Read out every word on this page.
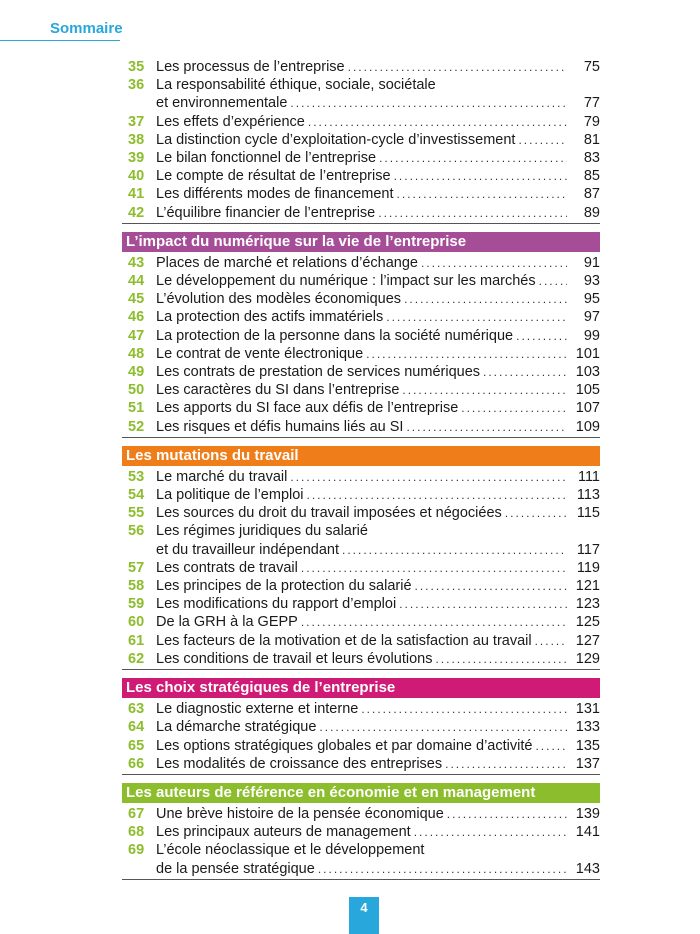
Sommaire
35 Les processus de l’entreprise .....	75
36 La responsabilité éthique, sociale, sociétale
et environnementale .....	77
37 Les effets d’expérience .....	79
38 La distinction cycle d’exploitation-cycle d’investissement .....	81
39 Le bilan fonctionnel de l’entreprise .....	83
40 Le compte de résultat de l’entreprise .....	85
41 Les différents modes de financement .....	87
42 L’équilibre financier de l’entreprise .....	89
L’impact du numérique sur la vie de l’entreprise
43 Places de marché et relations d’échange .....	91
44 Le développement du numérique : l’impact sur les marchés .....	93
45 L’évolution des modèles économiques .....	95
46 La protection des actifs immatériels .....	97
47 La protection de la personne dans la société numérique .....	99
48 Le contrat de vente électronique .....	101
49 Les contrats de prestation de services numériques .....	103
50 Les caractères du SI dans l’entreprise .....	105
51 Les apports du SI face aux défis de l’entreprise .....	107
52 Les risques et défis humains liés au SI .....	109
Les mutations du travail
53 Le marché du travail .....	111
54 La politique de l’emploi .....	113
55 Les sources du droit du travail imposées et négociées .....	115
56 Les régimes juridiques du salarié
et du travailleur indépendant .....	117
57 Les contrats de travail .....	119
58 Les principes de la protection du salarié .....	121
59 Les modifications du rapport d’emploi .....	123
60 De la GRH à la GEPP .....	125
61 Les facteurs de la motivation et de la satisfaction au travail .....	127
62 Les conditions de travail et leurs évolutions .....	129
Les choix stratégiques de l’entreprise
63 Le diagnostic externe et interne .....	131
64 La démarche stratégique .....	133
65 Les options stratégiques globales et par domaine d’activité .....	135
66 Les modalités de croissance des entreprises .....	137
Les auteurs de référence en économie et en management
67 Une brève histoire de la pensée économique .....	139
68 Les principaux auteurs de management .....	141
69 L’école néoclassique et le développement
de la pensée stratégique .....	143
4
